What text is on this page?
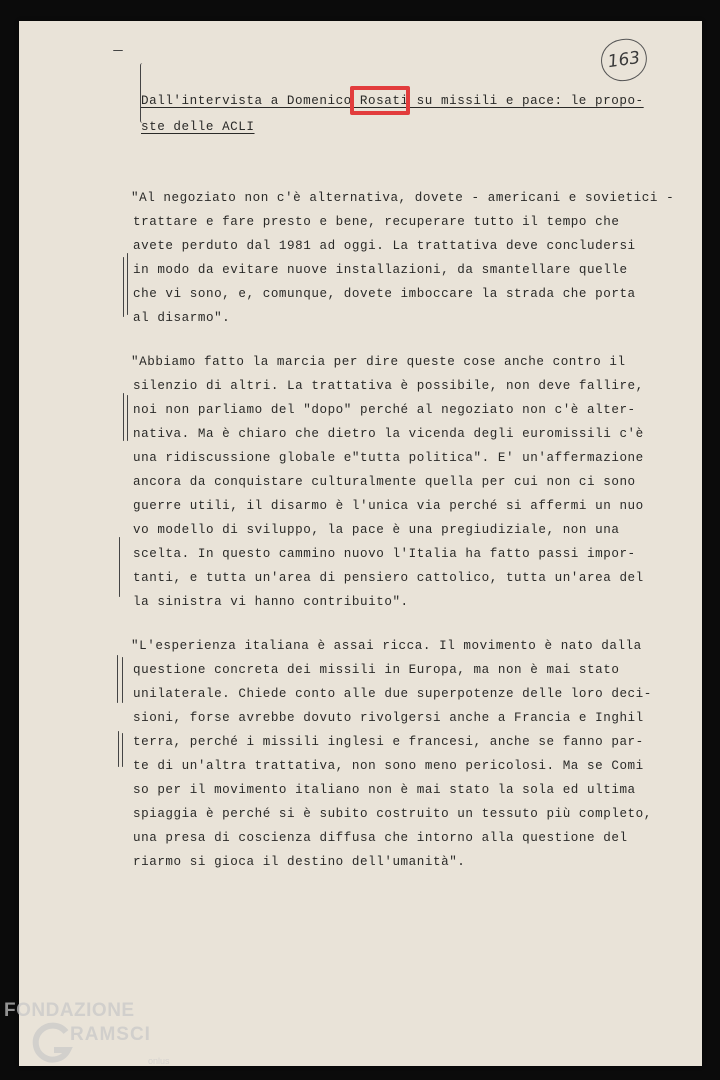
163
Dall'intervista a Domenico Rosati su missili e pace: le propo-
ste delle ACLI
"Al negoziato non c'è alternativa, dovete - americani e sovietici -
trattare e fare presto e bene, recuperare tutto il tempo che
avete perduto dal 1981 ad oggi. La trattativa deve concludersi
in modo da evitare nuove installazioni, da smantellare quelle
che vi sono, e, comunque, dovete imboccare la strada che porta
al disarmo".
"Abbiamo fatto la marcia per dire queste cose anche contro il
silenzio di altri. La trattativa è possibile, non deve fallire,
noi non parliamo del "dopo" perché al negoziato non c'è alter-
nativa. Ma è chiaro che dietro la vicenda degli euromissili c'è
una ridiscussione globale e"tutta politica". E' un'affermazione
ancora da conquistare culturalmente quella per cui non ci sono
guerre utili, il disarmo è l'unica via perché si affermi un nuo
vo modello di sviluppo, la pace è una pregiudiziale, non una
scelta. In questo cammino nuovo l'Italia ha fatto passi impor-
tanti, e tutta un'area di pensiero cattolico, tutta un'area del
la sinistra vi hanno contribuito".
"L'esperienza italiana è assai ricca. Il movimento è nato dalla
questione concreta dei missili in Europa, ma non è mai stato
unilaterale. Chiede conto alle due superpotenze delle loro deci-
sioni, forse avrebbe dovuto rivolgersi anche a Francia e Inghil
terra, perché i missili inglesi e francesi, anche se fanno par-
te di un'altra trattativa, non sono meno pericolosi. Ma se Comi
so per il movimento italiano non è mai stato la sola ed ultima
spiaggia è perché si è subito costruito un tessuto più completo,
una presa di coscienza diffusa che intorno alla questione del
riarmo si gioca il destino dell'umanità".
FONDAZIONE
RAMSCI
onlus
